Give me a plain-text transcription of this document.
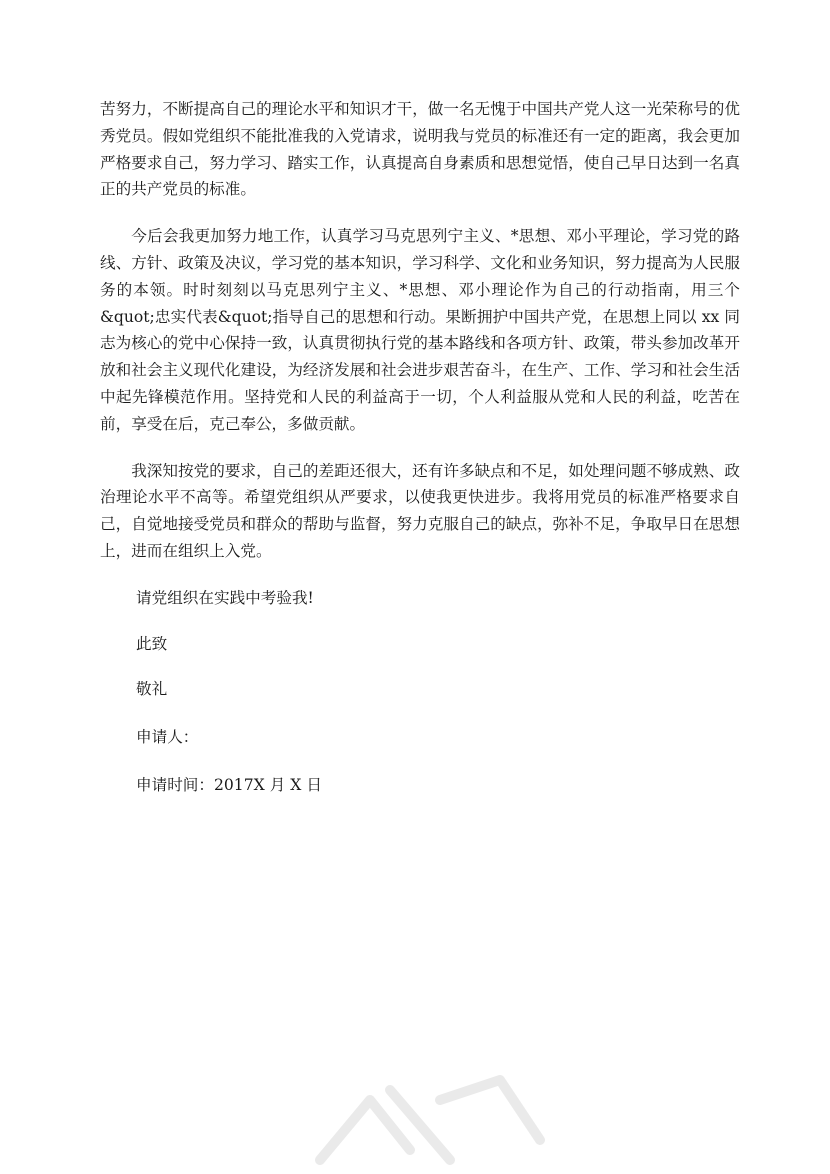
苦努力，不断提高自己的理论水平和知识才干，做一名无愧于中国共产党人这一光荣称号的优秀党员。假如党组织不能批准我的入党请求，说明我与党员的标准还有一定的距离，我会更加严格要求自己，努力学习、踏实工作，认真提高自身素质和思想觉悟，使自己早日达到一名真正的共产党员的标准。

今后会我更加努力地工作，认真学习马克思列宁主义、*思想、邓小平理论，学习党的路线、方针、政策及决议，学习党的基本知识，学习科学、文化和业务知识，努力提高为人民服务的本领。时时刻刻以马克思列宁主义、*思想、邓小理论作为自己的行动指南，用三个&quot;忠实代表&quot;指导自己的思想和行动。果断拥护中国共产党，在思想上同以 xx 同志为核心的党中心保持一致，认真贯彻执行党的基本路线和各项方针、政策，带头参加改革开放和社会主义现代化建设，为经济发展和社会进步艰苦奋斗，在生产、工作、学习和社会生活中起先锋模范作用。坚持党和人民的利益高于一切，个人利益服从党和人民的利益，吃苦在前，享受在后，克己奉公，多做贡献。

我深知按党的要求，自己的差距还很大，还有许多缺点和不足，如处理问题不够成熟、政治理论水平不高等。希望党组织从严要求，以使我更快进步。我将用党员的标准严格要求自己，自觉地接受党员和群众的帮助与监督，努力克服自己的缺点，弥补不足，争取早日在思想上，进而在组织上入党。

请党组织在实践中考验我!

此致

敬礼

申请人：

申请时间：2017X 月 X 日
